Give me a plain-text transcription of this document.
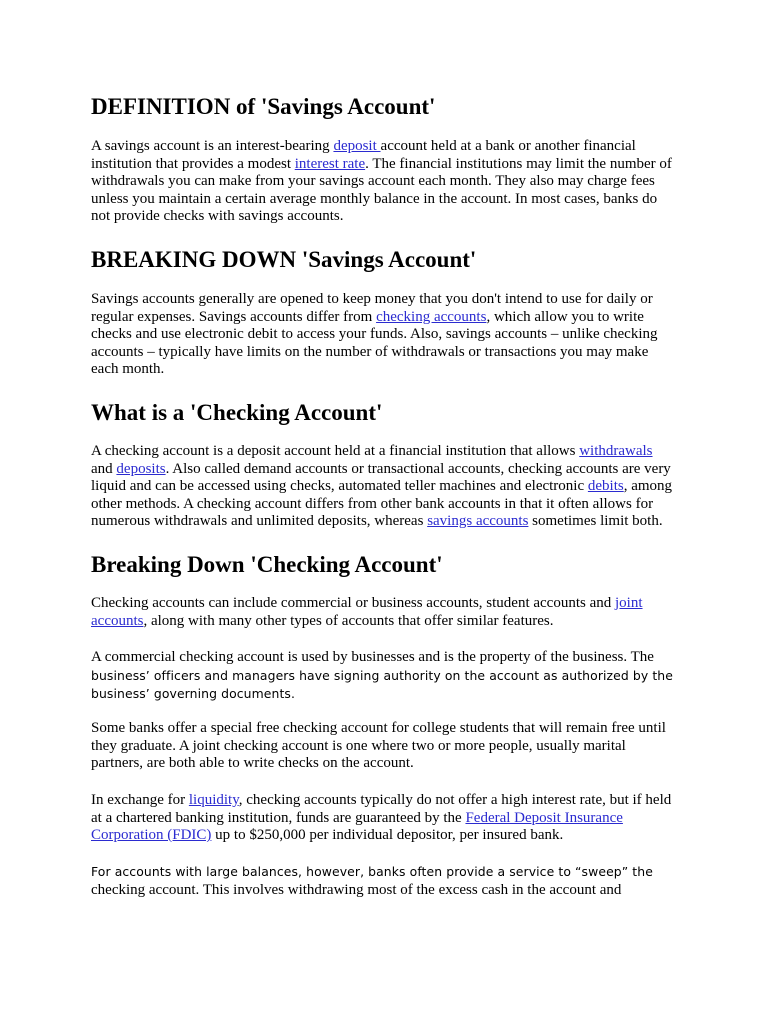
DEFINITION of 'Savings Account'

A savings account is an interest-bearing deposit account held at a bank or another financial
institution that provides a modest interest rate. The financial institutions may limit the number of
withdrawals you can make from your savings account each month. They also may charge fees
unless you maintain a certain average monthly balance in the account. In most cases, banks do
not provide checks with savings accounts.

BREAKING DOWN 'Savings Account'

Savings accounts generally are opened to keep money that you don't intend to use for daily or
regular expenses. Savings accounts differ from checking accounts, which allow you to write
checks and use electronic debit to access your funds. Also, savings accounts – unlike checking
accounts – typically have limits on the number of withdrawals or transactions you may make
each month.

What is a 'Checking Account'

A checking account is a deposit account held at a financial institution that allows withdrawals
and deposits. Also called demand accounts or transactional accounts, checking accounts are very
liquid and can be accessed using checks, automated teller machines and electronic debits, among
other methods. A checking account differs from other bank accounts in that it often allows for
numerous withdrawals and unlimited deposits, whereas savings accounts sometimes limit both.

Breaking Down 'Checking Account'

Checking accounts can include commercial or business accounts, student accounts and joint
accounts, along with many other types of accounts that offer similar features.

A commercial checking account is used by businesses and is the property of the business. The
business’ officers and managers have signing authority on the account as authorized by the
business’ governing documents.

Some banks offer a special free checking account for college students that will remain free until
they graduate. A joint checking account is one where two or more people, usually marital
partners, are both able to write checks on the account.

In exchange for liquidity, checking accounts typically do not offer a high interest rate, but if held
at a chartered banking institution, funds are guaranteed by the Federal Deposit Insurance
Corporation (FDIC) up to $250,000 per individual depositor, per insured bank.

For accounts with large balances, however, banks often provide a service to “sweep” the
checking account. This involves withdrawing most of the excess cash in the account and
